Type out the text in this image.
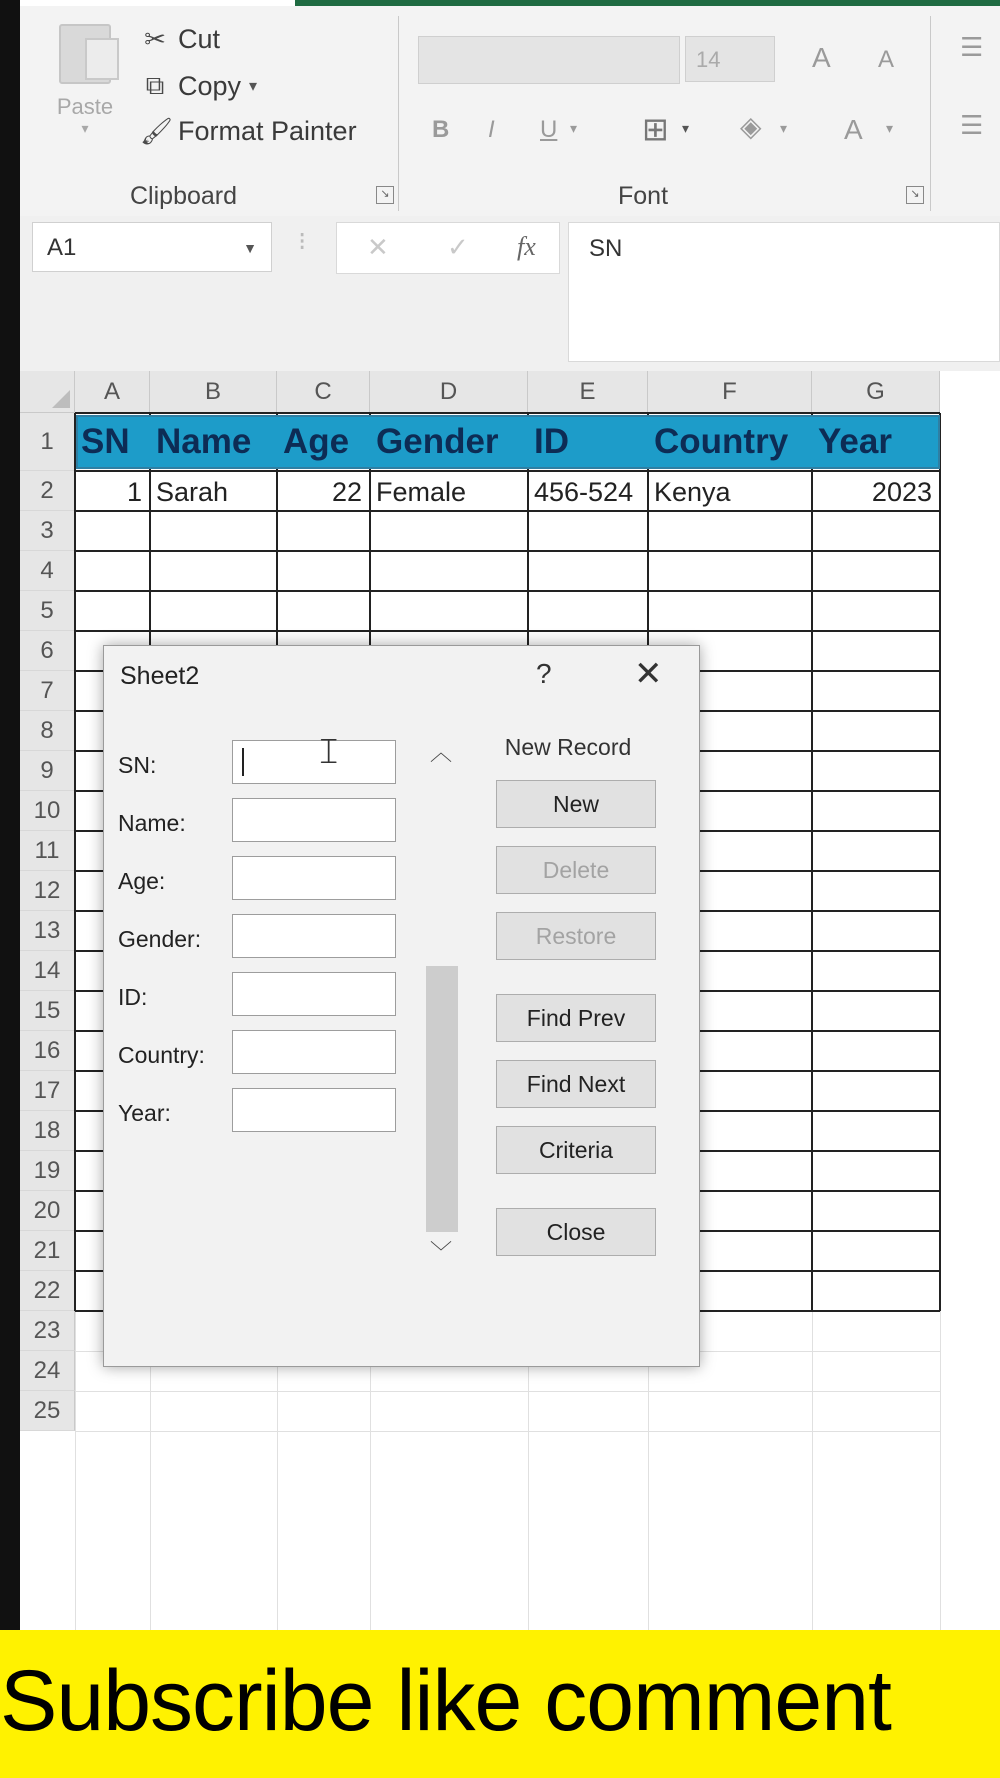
Paste
▾
✂ Cut
⧉ Copy ▾
🖌 Format Painter
Clipboard	↘
14	A A
B I U ▾ ⊞ ▾ ◈ ▾ A ▾
Font	↘
☰
☰
A1	▼ ⁝ ✕ ✓ fx	SN
A	B	C	D	E	F	G
1
2
3
4
5
6
7
8
9
10
11
12
13
14
15
16
17
18
19
20
21
22
23
24
25
SN Name Age Gender ID Country Year
1 Sarah	22 Female	456-524 Kenya	2023
Sheet2	? ✕
SN:
Name:
Age:
Gender:
ID:
Country:
Year:
𝙸	︿
﹀
New Record
New
Delete
Restore
Find Prev
Find Next
Criteria
Close
Subscribe like comment
